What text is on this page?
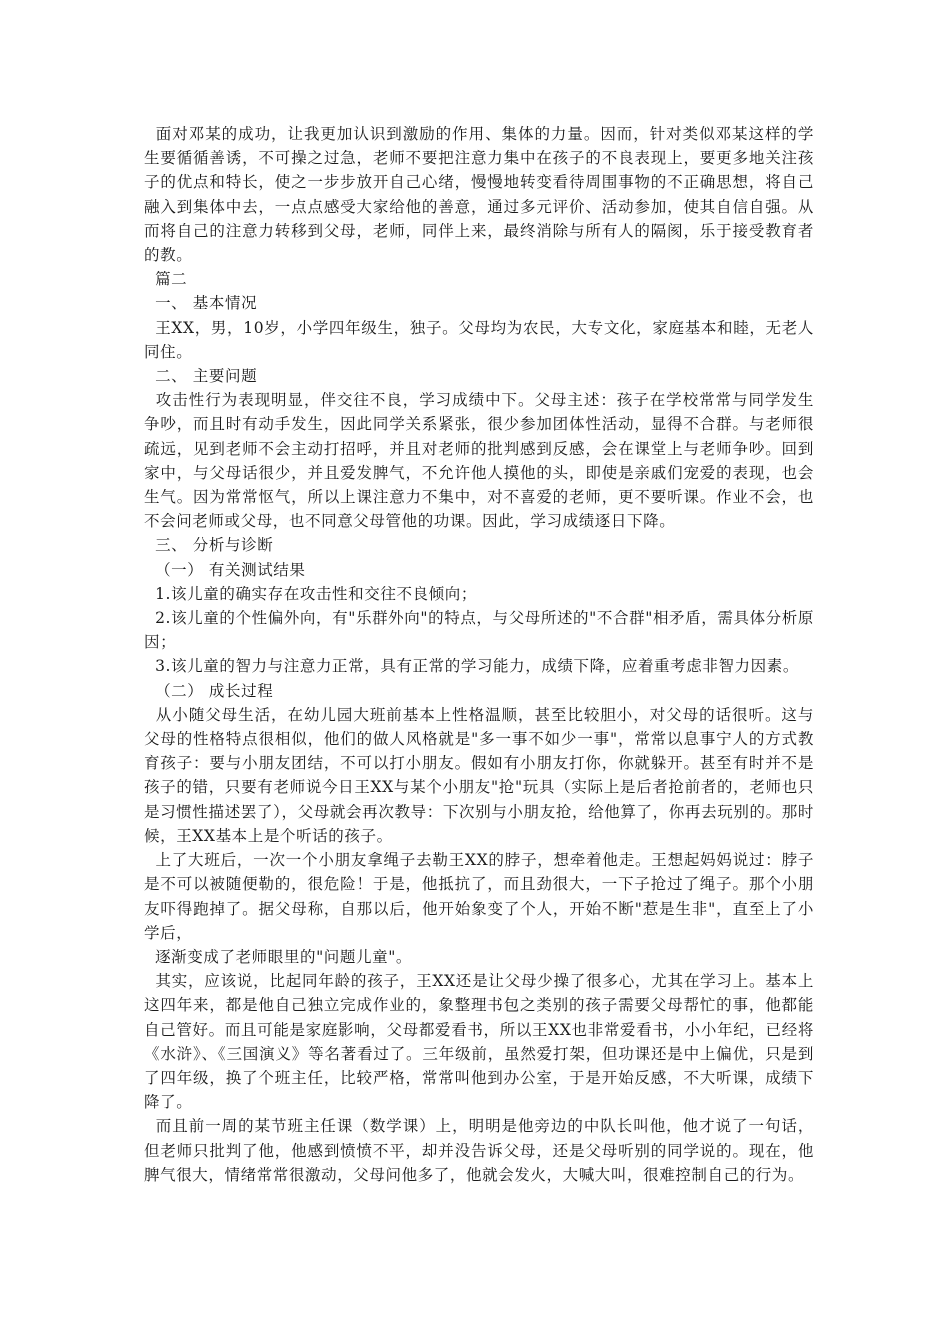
面对邓某的成功，让我更加认识到激励的作用、集体的力量。因而，针对类似邓某这样的学生要循循善诱，不可操之过急，老师不要把注意力集中在孩子的不良表现上，要更多地关注孩子的优点和特长，使之一步步放开自己心绪，慢慢地转变看待周围事物的不正确思想，将自己融入到集体中去，一点点感受大家给他的善意，通过多元评价、活动参加，使其自信自强。从而将自己的注意力转移到父母，老师，同伴上来，最终消除与所有人的隔阂，乐于接受教育者的教。

篇二

一、 基本情况

王XX，男，10岁，小学四年级生，独子。父母均为农民，大专文化，家庭基本和睦，无老人同住。

二、 主要问题

攻击性行为表现明显，伴交往不良，学习成绩中下。父母主述：孩子在学校常常与同学发生争吵，而且时有动手发生，因此同学关系紧张，很少参加团体性活动，显得不合群。与老师很疏远，见到老师不会主动打招呼，并且对老师的批判感到反感，会在课堂上与老师争吵。回到家中，与父母话很少，并且爱发脾气，不允许他人摸他的头，即使是亲戚们宠爱的表现，也会生气。因为常常怄气，所以上课注意力不集中，对不喜爱的老师，更不要听课。作业不会，也不会问老师或父母，也不同意父母管他的功课。因此，学习成绩逐日下降。

三、 分析与诊断

（一） 有关测试结果

1.该儿童的确实存在攻击性和交往不良倾向；

2.该儿童的个性偏外向，有"乐群外向"的特点，与父母所述的"不合群"相矛盾，需具体分析原因；

3.该儿童的智力与注意力正常，具有正常的学习能力，成绩下降，应着重考虑非智力因素。

（二） 成长过程

从小随父母生活，在幼儿园大班前基本上性格温顺，甚至比较胆小，对父母的话很听。这与父母的性格特点很相似，他们的做人风格就是"多一事不如少一事"，常常以息事宁人的方式教育孩子：要与小朋友团结，不可以打小朋友。假如有小朋友打你，你就躲开。甚至有时并不是孩子的错，只要有老师说今日王XX与某个小朋友"抢"玩具（实际上是后者抢前者的，老师也只是习惯性描述罢了），父母就会再次教导：下次别与小朋友抢，给他算了，你再去玩别的。那时候，王XX基本上是个听话的孩子。

上了大班后，一次一个小朋友拿绳子去勒王XX的脖子，想牵着他走。王想起妈妈说过：脖子是不可以被随便勒的，很危险！于是，他抵抗了，而且劲很大，一下子抢过了绳子。那个小朋友吓得跑掉了。据父母称，自那以后，他开始象变了个人，开始不断"惹是生非"，直至上了小学后，

逐渐变成了老师眼里的"问题儿童"。

其实，应该说，比起同年龄的孩子，王XX还是让父母少操了很多心，尤其在学习上。基本上这四年来，都是他自己独立完成作业的，象整理书包之类别的孩子需要父母帮忙的事，他都能自己管好。而且可能是家庭影响，父母都爱看书，所以王XX也非常爱看书，小小年纪，已经将《水浒》、《三国演义》等名著看过了。三年级前，虽然爱打架，但功课还是中上偏优，只是到了四年级，换了个班主任，比较严格，常常叫他到办公室，于是开始反感，不大听课，成绩下降了。

而且前一周的某节班主任课（数学课）上，明明是他旁边的中队长叫他，他才说了一句话，但老师只批判了他，他感到愤愤不平，却并没告诉父母，还是父母听别的同学说的。现在，他脾气很大，情绪常常很激动，父母问他多了，他就会发火，大喊大叫，很难控制自己的行为。
